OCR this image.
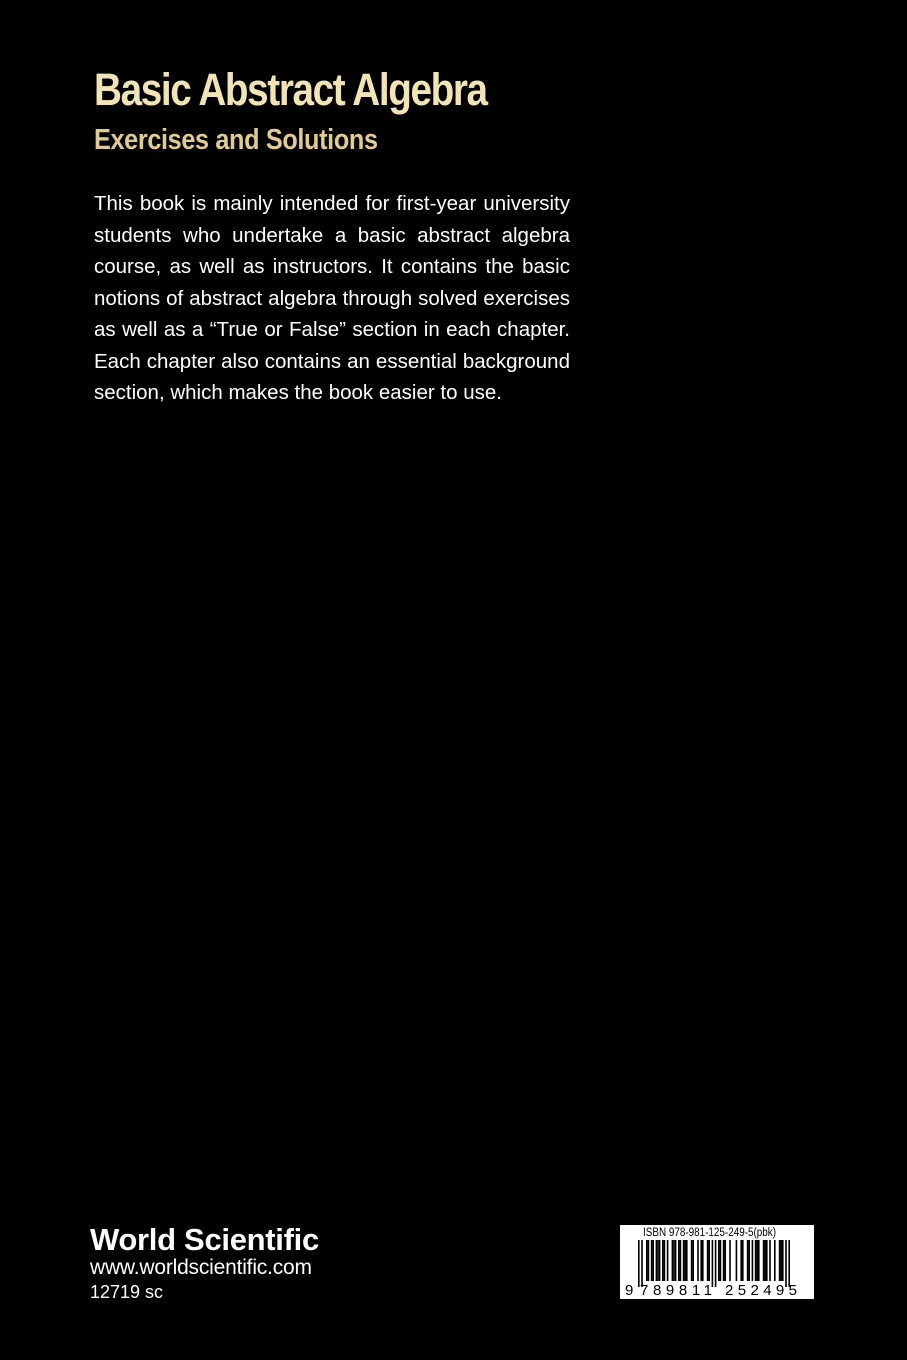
Basic Abstract Algebra
Exercises and Solutions

This book is mainly intended for first-year university students who undertake a basic abstract algebra course, as well as instructors. It contains the basic notions of abstract algebra through solved exercises as well as a “True or False” section in each chapter. Each chapter also contains an essential background section, which makes the book easier to use.

World Scientific
www.worldscientific.com
12719 sc	9 789811 252495
ISBN 978-981-125-249-5(pbk)
